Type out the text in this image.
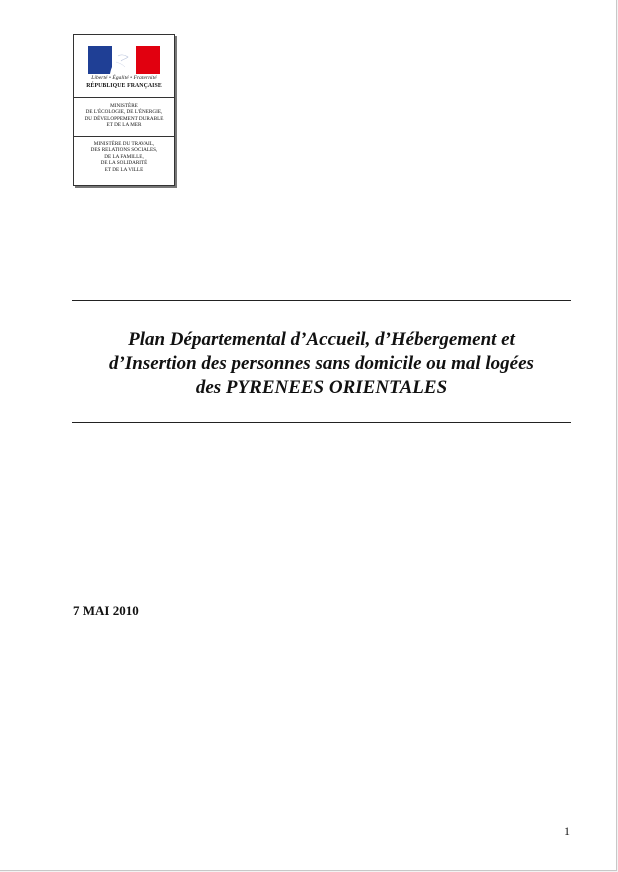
Liberté • Égalité • Fraternité
RÉPUBLIQUE FRANÇAISE
MINISTÈRE
DE L'ÉCOLOGIE, DE L'ÉNERGIE,
DU DÉVELOPPEMENT DURABLE
ET DE LA MER
MINISTÈRE DU TRAVAIL,
DES RELATIONS SOCIALES,
DE LA FAMILLE,
DE LA SOLIDARITÉ
ET DE LA VILLE
Plan Départemental d’Accueil, d’Hébergement et
d’Insertion des personnes sans domicile ou mal logées
des PYRENEES ORIENTALES
7 MAI 2010
1
